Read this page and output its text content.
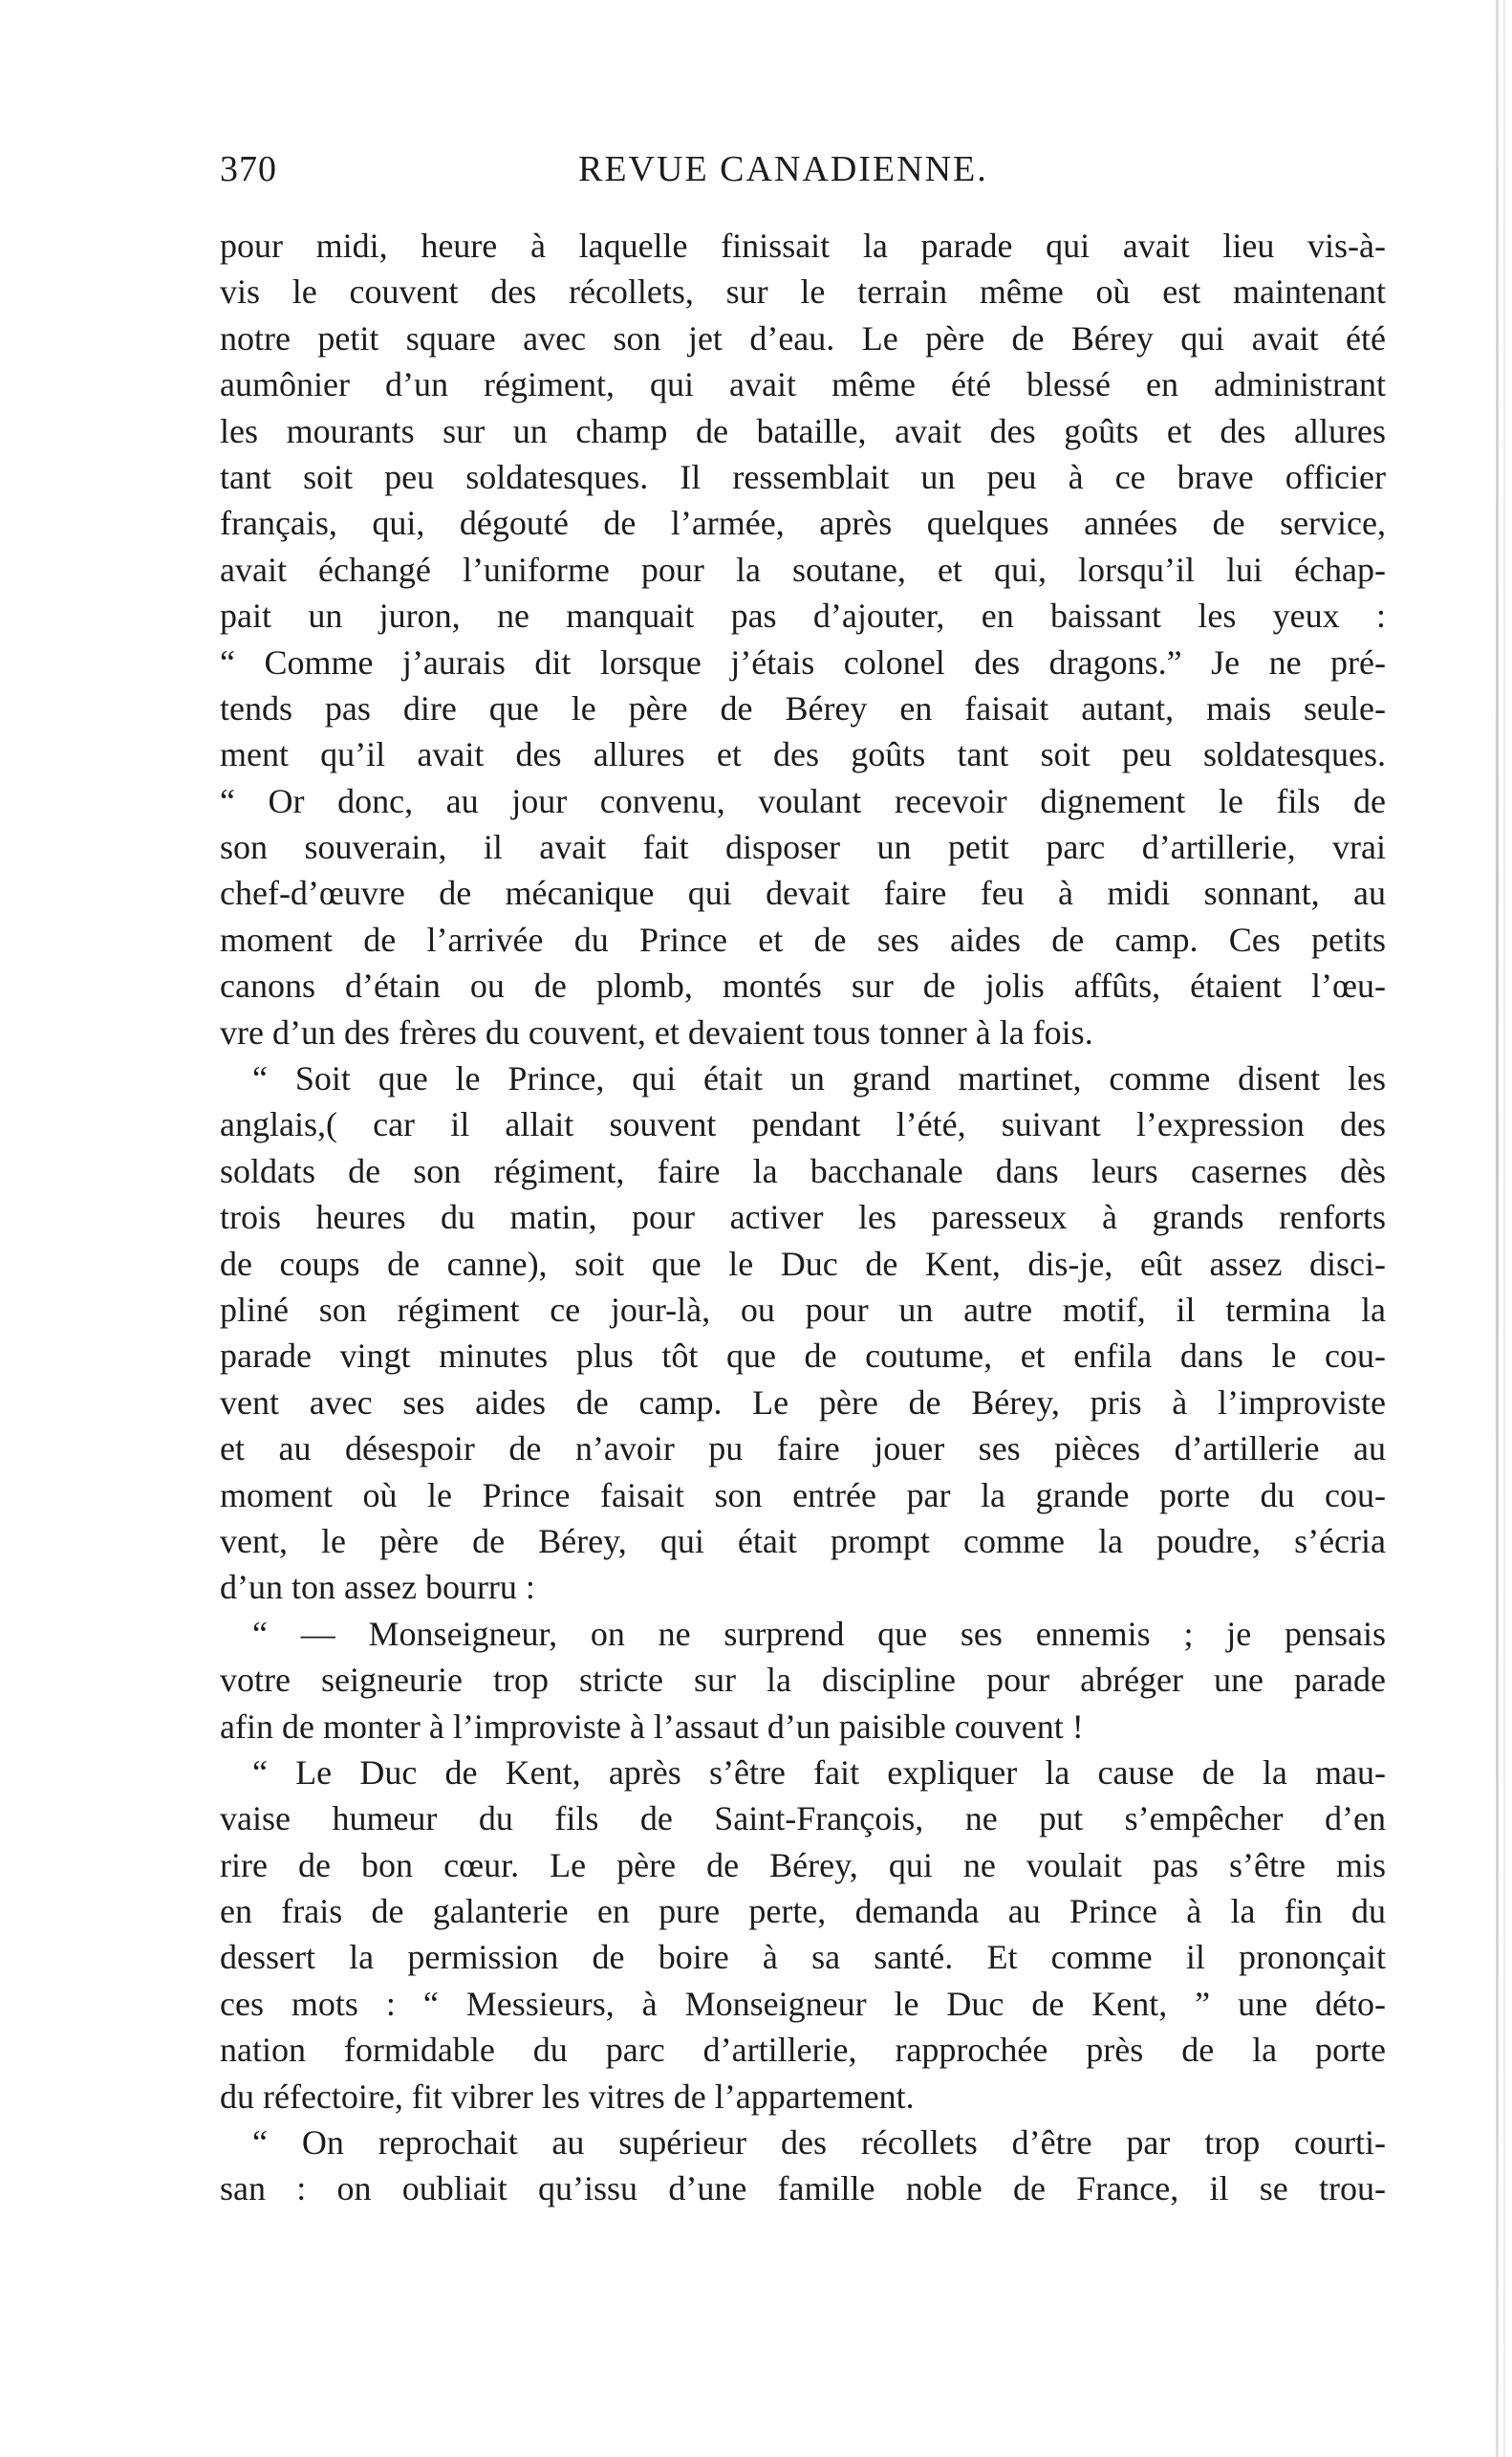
370	REVUE CANADIENNE.
pour midi, heure à laquelle finissait la parade qui avait lieu vis-à-
vis le couvent des récollets, sur le terrain même où est maintenant
notre petit square avec son jet d’eau. Le père de Bérey qui avait été
aumônier d’un régiment, qui avait même été blessé en administrant
les mourants sur un champ de bataille, avait des goûts et des allures
tant soit peu soldatesques. Il ressemblait un peu à ce brave officier
français, qui, dégouté de l’armée, après quelques années de service,
avait échangé l’uniforme pour la soutane, et qui, lorsqu’il lui échap-
pait un juron, ne manquait pas d’ajouter, en baissant les yeux :
“ Comme j’aurais dit lorsque j’étais colonel des dragons.” Je ne pré-
tends pas dire que le père de Bérey en faisait autant, mais seule-
ment qu’il avait des allures et des goûts tant soit peu soldatesques.
“ Or donc, au jour convenu, voulant recevoir dignement le fils de
son souverain, il avait fait disposer un petit parc d’artillerie, vrai
chef-d’œuvre de mécanique qui devait faire feu à midi sonnant, au
moment de l’arrivée du Prince et de ses aides de camp. Ces petits
canons d’étain ou de plomb, montés sur de jolis affûts, étaient l’œu-
vre d’un des frères du couvent, et devaient tous tonner à la fois.
“ Soit que le Prince, qui était un grand martinet, comme disent les
anglais,( car il allait souvent pendant l’été, suivant l’expression des
soldats de son régiment, faire la bacchanale dans leurs casernes dès
trois heures du matin, pour activer les paresseux à grands renforts
de coups de canne), soit que le Duc de Kent, dis-je, eût assez disci-
pliné son régiment ce jour-là, ou pour un autre motif, il termina la
parade vingt minutes plus tôt que de coutume, et enfila dans le cou-
vent avec ses aides de camp. Le père de Bérey, pris à l’improviste
et au désespoir de n’avoir pu faire jouer ses pièces d’artillerie au
moment où le Prince faisait son entrée par la grande porte du cou-
vent, le père de Bérey, qui était prompt comme la poudre, s’écria
d’un ton assez bourru :
“ — Monseigneur, on ne surprend que ses ennemis ; je pensais
votre seigneurie trop stricte sur la discipline pour abréger une parade
afin de monter à l’improviste à l’assaut d’un paisible couvent !
“ Le Duc de Kent, après s’être fait expliquer la cause de la mau-
vaise humeur du fils de Saint-François, ne put s’empêcher d’en
rire de bon cœur. Le père de Bérey, qui ne voulait pas s’être mis
en frais de galanterie en pure perte, demanda au Prince à la fin du
dessert la permission de boire à sa santé. Et comme il prononçait
ces mots : “ Messieurs, à Monseigneur le Duc de Kent, ” une déto-
nation formidable du parc d’artillerie, rapprochée près de la porte
du réfectoire, fit vibrer les vitres de l’appartement.
“ On reprochait au supérieur des récollets d’être par trop courti-
san : on oubliait qu’issu d’une famille noble de France, il se trou-
